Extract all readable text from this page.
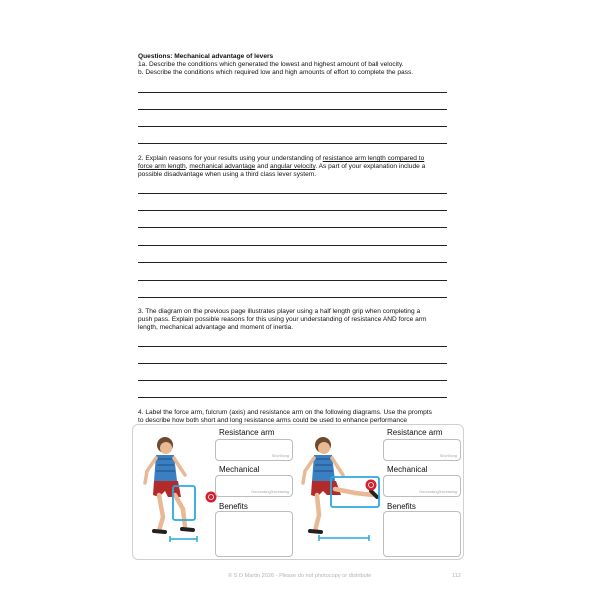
Questions: Mechanical advantage of levers
1a. Describe the conditions which generated the lowest and highest amount of ball velocity.
b. Describe the conditions which required low and high amounts of effort to complete the pass.
2. Explain reasons for your results using your understanding of resistance arm length compared to
force arm length, mechanical advantage and angular velocity. As part of your explanation include a
possible disadvantage when using a third class lever system.
3. The diagram on the previous page illustrates player using a half length grip when completing a
push pass. Explain possible reasons for this using your understanding of resistance AND force arm
length, mechanical advantage and moment of inertia.
4. Label the force arm, fulcrum (axis) and resistance arm on the following diagrams. Use the prompts
to describe how both short and long resistance arms could be used to enhance performance
Resistance arm
Short/long
Mechanical
Decreasing/increasing
Benefits
Resistance arm
Short/long
Mechanical
Decreasing/increasing
Benefits
© S D Martin 2026 - Please do not photocopy or distribute	112
